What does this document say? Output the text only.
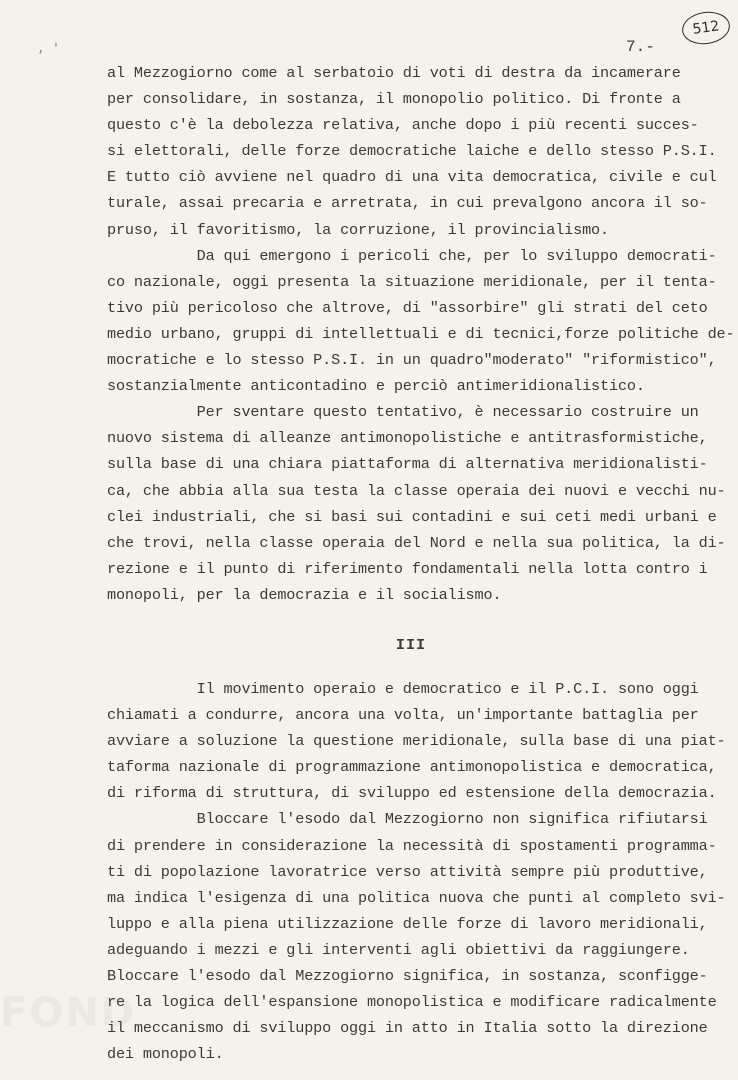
, '
512
7.-
al Mezzogiorno come al serbatoio di voti di destra da incamerare
per consolidare, in sostanza, il monopolio politico. Di fronte a
questo c'è la debolezza relativa, anche dopo i più recenti succes-
si elettorali, delle forze democratiche laiche e dello stesso P.S.I.
E tutto ciò avviene nel quadro di una vita democratica, civile e cul
turale, assai precaria e arretrata, in cui prevalgono ancora il so-
pruso, il favoritismo, la corruzione, il provincialismo.
Da qui emergono i pericoli che, per lo sviluppo democrati-
co nazionale, oggi presenta la situazione meridionale, per il tenta-
tivo più pericoloso che altrove, di "assorbire" gli strati del ceto
medio urbano, gruppi di intellettuali e di tecnici,forze politiche de-
mocratiche e lo stesso P.S.I. in un quadro"moderato" "riformistico",
sostanzialmente anticontadino e perciò antimeridionalistico.
Per sventare questo tentativo, è necessario costruire un
nuovo sistema di alleanze antimonopolistiche e antitrasformistiche,
sulla base di una chiara piattaforma di alternativa meridionalisti-
ca, che abbia alla sua testa la classe operaia dei nuovi e vecchi nu-
clei industriali, che si basi sui contadini e sui ceti medi urbani e
che trovi, nella classe operaia del Nord e nella sua politica, la di-
rezione e il punto di riferimento fondamentali nella lotta contro i
monopoli, per la democrazia e il socialismo.
III
Il movimento operaio e democratico e il P.C.I. sono oggi
chiamati a condurre, ancora una volta, un'importante battaglia per
avviare a soluzione la questione meridionale, sulla base di una piat-
taforma nazionale di programmazione antimonopolistica e democratica,
di riforma di struttura, di sviluppo ed estensione della democrazia.
Bloccare l'esodo dal Mezzogiorno non significa rifiutarsi
di prendere in considerazione la necessità di spostamenti programma-
ti di popolazione lavoratrice verso attività sempre più produttive,
ma indica l'esigenza di una politica nuova che punti al completo svi-
luppo e alla piena utilizzazione delle forze di lavoro meridionali,
adeguando i mezzi e gli interventi agli obiettivi da raggiungere.
Bloccare l'esodo dal Mezzogiorno significa, in sostanza, sconfigge-
re la logica dell'espansione monopolistica e modificare radicalmente
il meccanismo di sviluppo oggi in atto in Italia sotto la direzione
dei monopoli.
FOND
